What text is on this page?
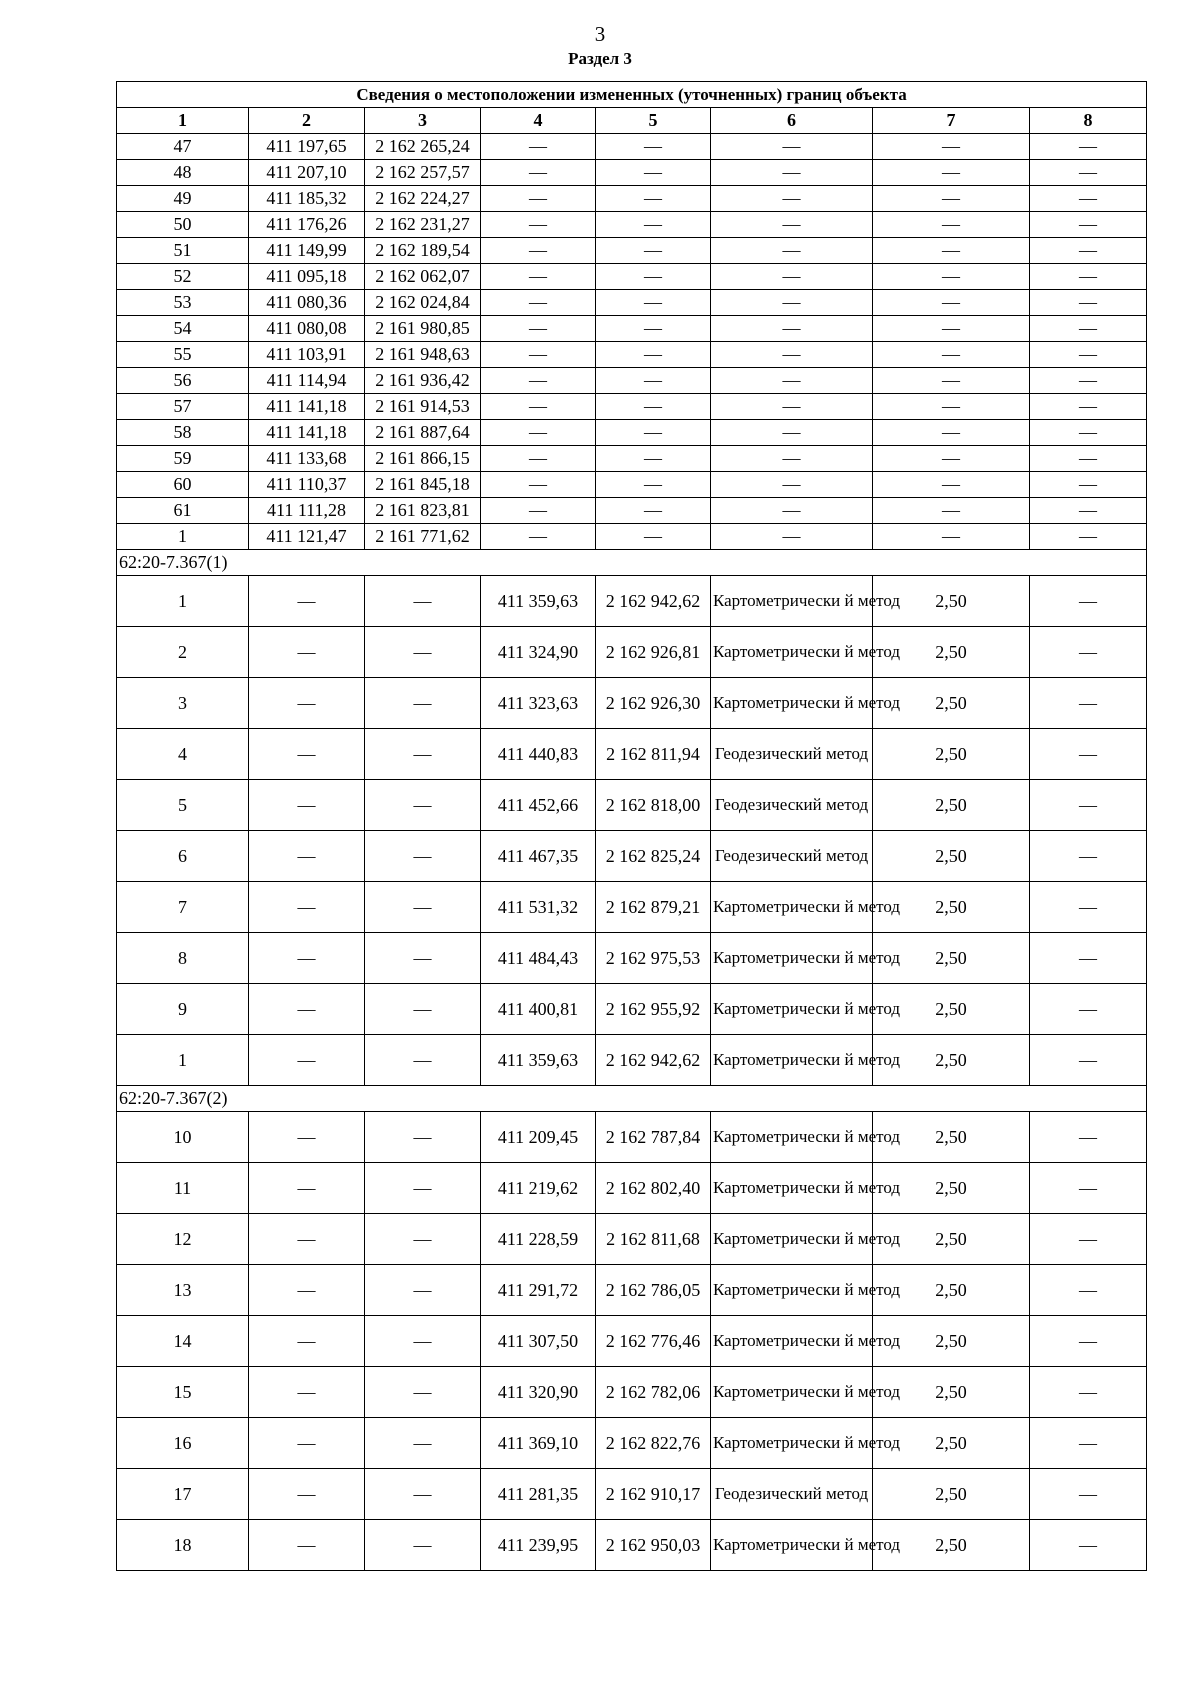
3
Раздел 3
Сведения о местоположении измененных (уточненных) границ объекта							
1	2	3	4	5	6	7	8
47	411 197,65	2 162 265,24	—	—	—	—	—
48	411 207,10	2 162 257,57	—	—	—	—	—
49	411 185,32	2 162 224,27	—	—	—	—	—
50	411 176,26	2 162 231,27	—	—	—	—	—
51	411 149,99	2 162 189,54	—	—	—	—	—
52	411 095,18	2 162 062,07	—	—	—	—	—
53	411 080,36	2 162 024,84	—	—	—	—	—
54	411 080,08	2 161 980,85	—	—	—	—	—
55	411 103,91	2 161 948,63	—	—	—	—	—
56	411 114,94	2 161 936,42	—	—	—	—	—
57	411 141,18	2 161 914,53	—	—	—	—	—
58	411 141,18	2 161 887,64	—	—	—	—	—
59	411 133,68	2 161 866,15	—	—	—	—	—
60	411 110,37	2 161 845,18	—	—	—	—	—
61	411 111,28	2 161 823,81	—	—	—	—	—
1	411 121,47	2 161 771,62	—	—	—	—	—
62:20-7.367(1)							
1	—	—	411 359,63	2 162 942,62	Картометрически й метод	2,50	—
2	—	—	411 324,90	2 162 926,81	Картометрически й метод	2,50	—
3	—	—	411 323,63	2 162 926,30	Картометрически й метод	2,50	—
4	—	—	411 440,83	2 162 811,94	Геодезический метод	2,50	—
5	—	—	411 452,66	2 162 818,00	Геодезический метод	2,50	—
6	—	—	411 467,35	2 162 825,24	Геодезический метод	2,50	—
7	—	—	411 531,32	2 162 879,21	Картометрически й метод	2,50	—
8	—	—	411 484,43	2 162 975,53	Картометрически й метод	2,50	—
9	—	—	411 400,81	2 162 955,92	Картометрически й метод	2,50	—
1	—	—	411 359,63	2 162 942,62	Картометрически й метод	2,50	—
62:20-7.367(2)							
10	—	—	411 209,45	2 162 787,84	Картометрически й метод	2,50	—
11	—	—	411 219,62	2 162 802,40	Картометрически й метод	2,50	—
12	—	—	411 228,59	2 162 811,68	Картометрически й метод	2,50	—
13	—	—	411 291,72	2 162 786,05	Картометрически й метод	2,50	—
14	—	—	411 307,50	2 162 776,46	Картометрически й метод	2,50	—
15	—	—	411 320,90	2 162 782,06	Картометрически й метод	2,50	—
16	—	—	411 369,10	2 162 822,76	Картометрически й метод	2,50	—
17	—	—	411 281,35	2 162 910,17	Геодезический метод	2,50	—
18	—	—	411 239,95	2 162 950,03	Картометрически й метод	2,50	—
